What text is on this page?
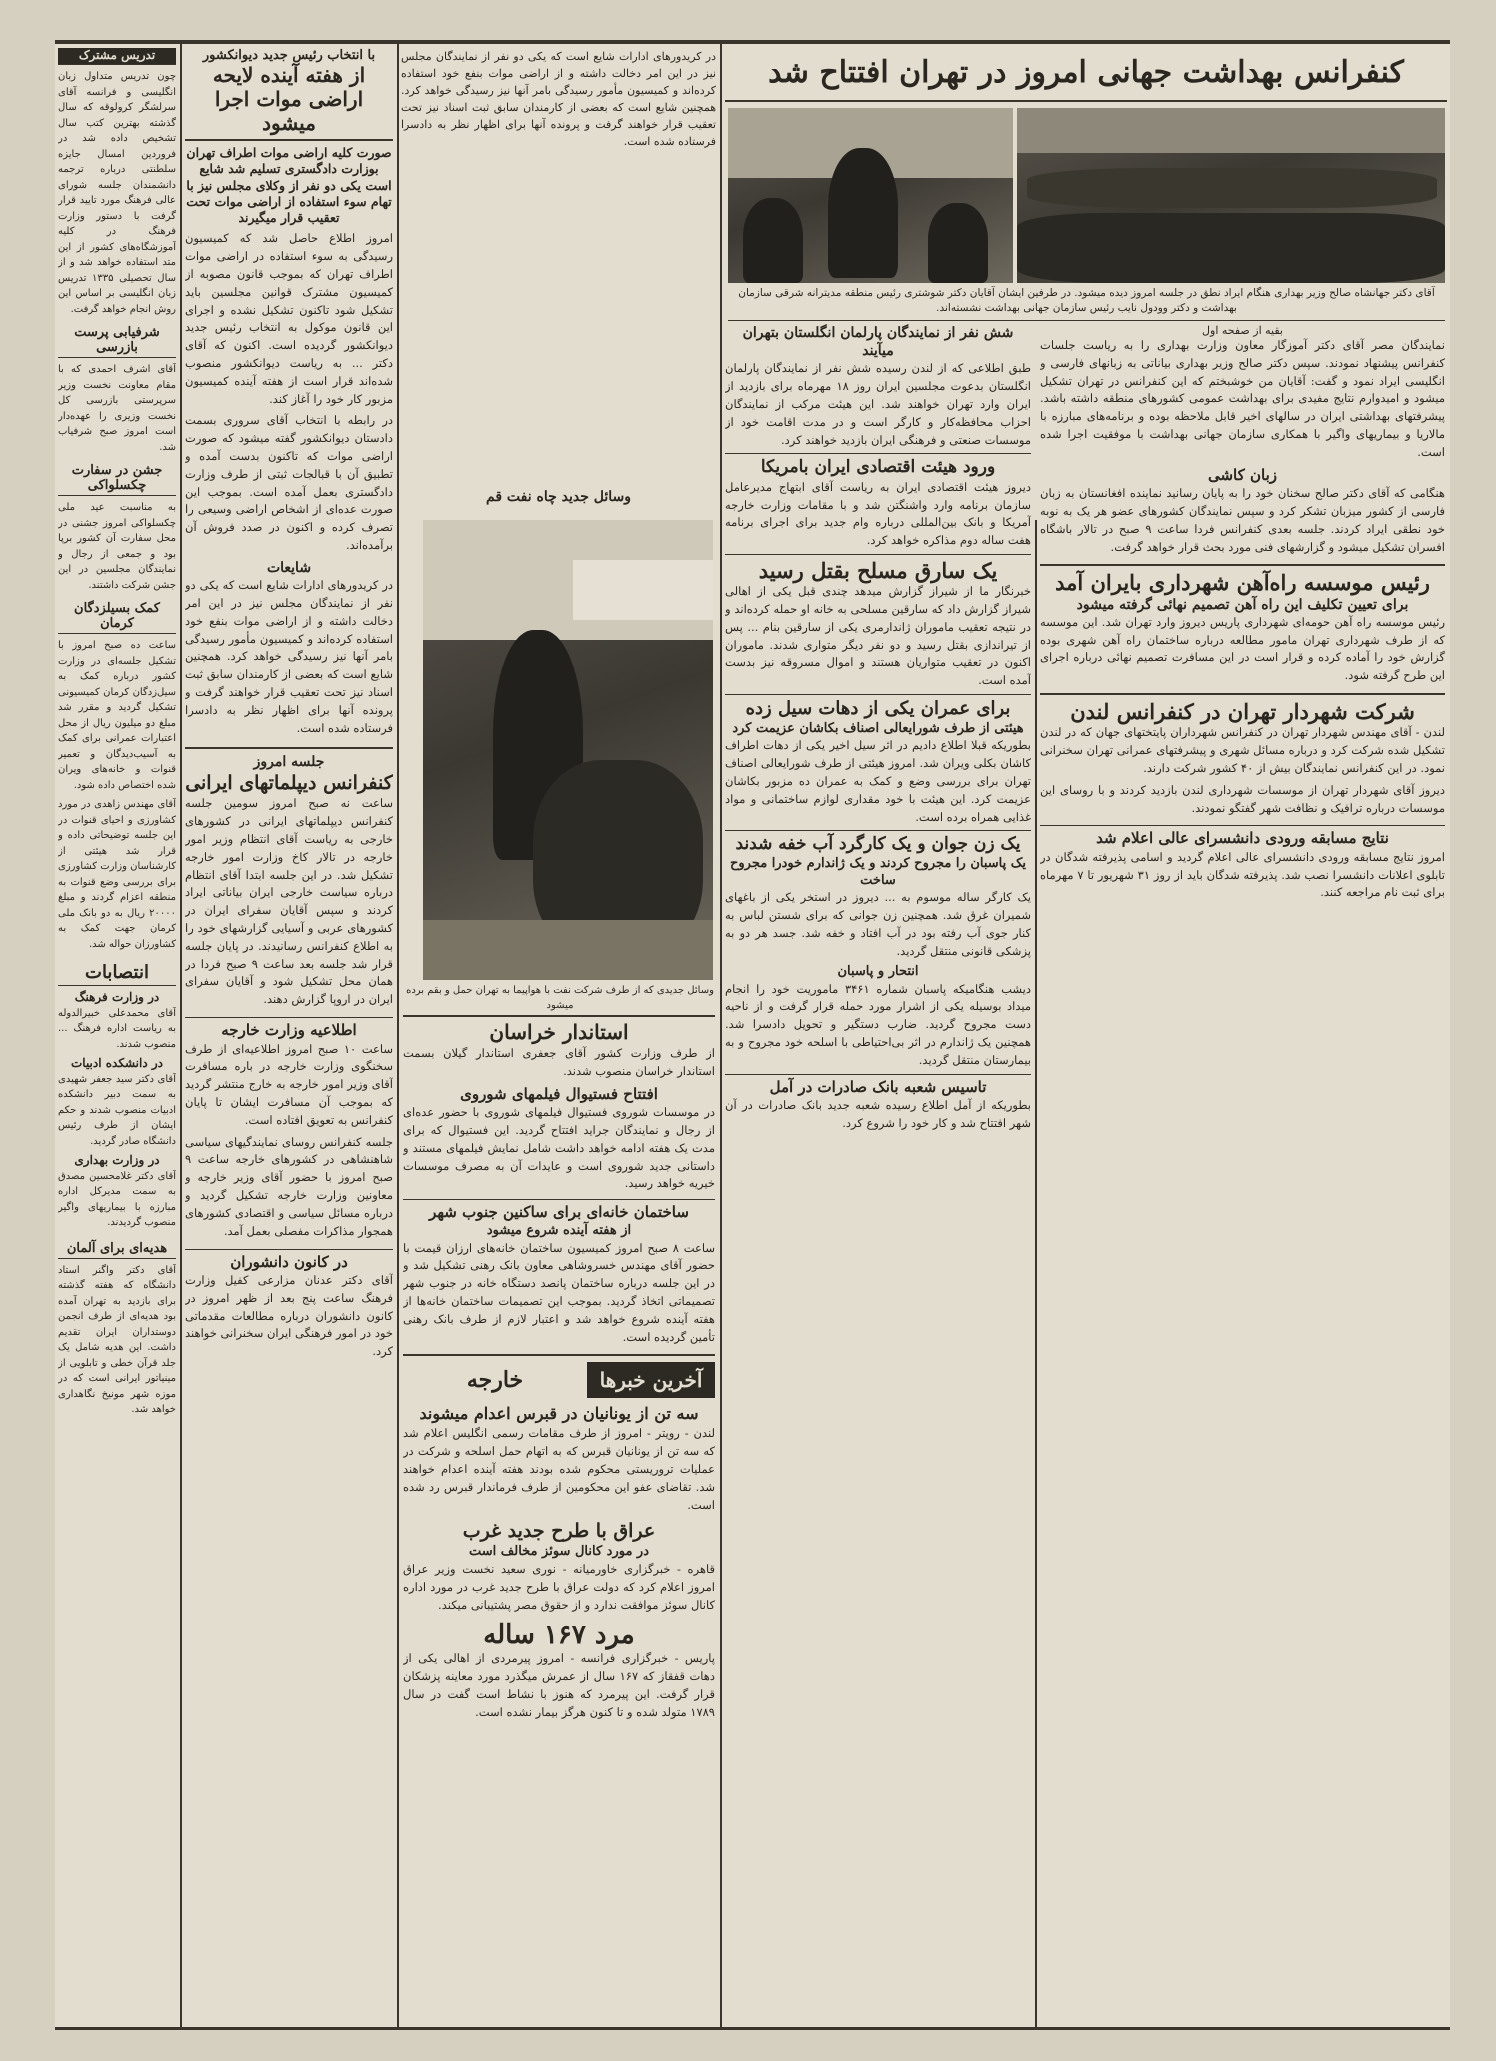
تدریس مشترک
چون تدریس متداول زبان انگلیسی و فرانسه آقای سرلشگر کرولوقه که سال گذشته بهترین کتب سال تشخیص داده شد در فروردین امسال جایزه سلطنتی درباره ترجمه دانشمندان جلسه شورای عالی فرهنگ مورد تایید قرار گرفت با دستور وزارت فرهنگ در کلیه آموزشگاه‌های کشور از این متد استفاده خواهد شد و از سال تحصیلی ۱۳۳۵ تدریس زبان انگلیسی بر اساس این روش انجام خواهد گرفت.
شرفیابی پرست بازرسی
آقای اشرف احمدی که با مقام معاونت نخست وزیر سرپرستی بازرسی کل نخست وزیری را عهده‌دار است امروز صبح شرفیاب شد.
جشن در سفارت چکسلواکی
به مناسبت عید ملی چکسلواکی امروز جشنی در محل سفارت آن کشور برپا بود و جمعی از رجال و نمایندگان مجلسین در این جشن شرکت داشتند.
کمک بسیلزدگان کرمان
ساعت ده صبح امروز با تشکیل جلسه‌ای در وزارت کشور درباره کمک به سیل‌زدگان کرمان کمیسیونی تشکیل گردید و مقرر شد مبلغ دو میلیون ریال از محل اعتبارات عمرانی برای کمک به آسیب‌دیدگان و تعمیر قنوات و خانه‌های ویران شده اختصاص داده شود.
آقای مهندس زاهدی در مورد کشاورزی و احیای قنوات در این جلسه توضیحاتی داده و قرار شد هیئتی از کارشناسان وزارت کشاورزی برای بررسی وضع قنوات به منطقه اعزام گردند و مبلغ ۲۰۰۰۰ ریال به دو بانک ملی کرمان جهت کمک به کشاورزان حواله شد.
انتصابات
در وزارت فرهنگ
آقای محمدعلی خبیرالدوله به ریاست اداره فرهنگ ... منصوب شدند.
در دانشکده ادبیات
آقای دکتر سید جعفر شهیدی به سمت دبیر دانشکده ادبیات منصوب شدند و حکم ایشان از طرف رئیس دانشگاه صادر گردید.
در وزارت بهداری
آقای دکتر غلامحسین مصدق به سمت مدیرکل اداره مبارزه با بیماریهای واگیر منصوب گردیدند.
هدیه‌ای برای آلمان
آقای دکتر واگنر استاد دانشگاه که هفته گذشته برای بازدید به تهران آمده بود هدیه‌ای از طرف انجمن دوستداران ایران تقدیم داشت. این هدیه شامل یک جلد قرآن خطی و تابلویی از مینیاتور ایرانی است که در موزه شهر مونیخ نگاهداری خواهد شد.
با انتخاب رئیس جدید دیوانکشور
از هفته آینده لایحه اراضی موات اجرا میشود
صورت کلیه اراضی موات اطراف تهران بوزارت دادگستری تسلیم شد شایع است یکی دو نفر از وکلای مجلس نیز با تهام سوء استفاده از اراضی موات تحت تعقیب قرار میگیرند
امروز اطلاع حاصل شد که کمیسیون رسیدگی به سوء استفاده در اراضی موات اطراف تهران که بموجب قانون مصوبه از کمیسیون مشترک قوانین مجلسین باید تشکیل شود تاکنون تشکیل نشده و اجرای این قانون موکول به انتخاب رئیس جدید دیوانکشور گردیده است. اکنون که آقای دکتر ... به ریاست دیوانکشور منصوب شده‌اند قرار است از هفته آینده کمیسیون مزبور کار خود را آغاز کند.
در رابطه با انتخاب آقای سروری بسمت دادستان دیوانکشور گفته میشود که صورت اراضی موات که تاکنون بدست آمده و تطبیق آن با قبالجات ثبتی از طرف وزارت دادگستری بعمل آمده است. بموجب این صورت عده‌ای از اشخاص اراضی وسیعی را تصرف کرده و اکنون در صدد فروش آن برآمده‌اند.
شایعات
در کریدورهای ادارات شایع است که یکی دو نفر از نمایندگان مجلس نیز در این امر دخالت داشته و از اراضی موات بنفع خود استفاده کرده‌اند و کمیسیون مأمور رسیدگی بامر آنها نیز رسیدگی خواهد کرد. همچنین شایع است که بعضی از کارمندان سابق ثبت اسناد نیز تحت تعقیب قرار خواهند گرفت و پرونده آنها برای اظهار نظر به دادسرا فرستاده شده است.
جلسه امروز
کنفرانس دیپلماتهای ایرانی
ساعت نه صبح امروز سومین جلسه کنفرانس دیپلماتهای ایرانی در کشورهای خارجی به ریاست آقای انتظام وزیر امور خارجه در تالار کاخ وزارت امور خارجه تشکیل شد. در این جلسه ابتدا آقای انتظام درباره سیاست خارجی ایران بیاناتی ایراد کردند و سپس آقایان سفرای ایران در کشورهای عربی و آسیایی گزارشهای خود را به اطلاع کنفرانس رسانیدند. در پایان جلسه قرار شد جلسه بعد ساعت ۹ صبح فردا در همان محل تشکیل شود و آقایان سفرای ایران در اروپا گزارش دهند.
اطلاعیه وزارت خارجه
ساعت ۱۰ صبح امروز اطلاعیه‌ای از طرف سخنگوی وزارت خارجه در باره مسافرت آقای وزیر امور خارجه به خارج منتشر گردید که بموجب آن مسافرت ایشان تا پایان کنفرانس به تعویق افتاده است.
جلسه کنفرانس روسای نمایندگیهای سیاسی شاهنشاهی در کشورهای خارجه ساعت ۹ صبح امروز با حضور آقای وزیر خارجه و معاونین وزارت خارجه تشکیل گردید و درباره مسائل سیاسی و اقتصادی کشورهای همجوار مذاکرات مفصلی بعمل آمد.
در کانون دانشوران
آقای دکتر عدنان مزارعی کفیل وزارت فرهنگ ساعت پنج بعد از ظهر امروز در کانون دانشوران درباره مطالعات مقدماتی خود در امور فرهنگی ایران سخنرانی خواهند کرد.
وسائل جدید چاه نفت قم
وسائل جدیدی که از طرف شرکت نفت با هواپیما به تهران حمل و بقم برده میشود
استاندار خراسان
از طرف وزارت کشور آقای جعفری استاندار گیلان بسمت استاندار خراسان منصوب شدند.
افتتاح فستیوال فیلمهای شوروی
در موسسات شوروی فستیوال فیلمهای شوروی با حضور عده‌ای از رجال و نمایندگان جراید افتتاح گردید. این فستیوال که برای مدت یک هفته ادامه خواهد داشت شامل نمایش فیلمهای مستند و داستانی جدید شوروی است و عایدات آن به مصرف موسسات خیریه خواهد رسید.
ساختمان خانه‌ای برای ساکنین جنوب شهر
از هفته آینده شروع میشود
ساعت ۸ صبح امروز کمیسیون ساختمان خانه‌های ارزان قیمت با حضور آقای مهندس خسروشاهی معاون بانک رهنی تشکیل شد و در این جلسه درباره ساختمان پانصد دستگاه خانه در جنوب شهر تصمیماتی اتخاذ گردید. بموجب این تصمیمات ساختمان خانه‌ها از هفته آینده شروع خواهد شد و اعتبار لازم از طرف بانک رهنی تأمین گردیده است.
آخرین خبرها
خارجه
سه تن از یونانیان در قبرس اعدام میشوند
لندن - رویتر - امروز از طرف مقامات رسمی انگلیس اعلام شد که سه تن از یونانیان قبرس که به اتهام حمل اسلحه و شرکت در عملیات تروریستی محکوم شده بودند هفته آینده اعدام خواهند شد. تقاضای عفو این محکومین از طرف فرماندار قبرس رد شده است.
عراق با طرح جدید غرب
در مورد کانال سوئز مخالف است
قاهره - خبرگزاری خاورمیانه - نوری سعید نخست وزیر عراق امروز اعلام کرد که دولت عراق با طرح جدید غرب در مورد اداره کانال سوئز موافقت ندارد و از حقوق مصر پشتیبانی میکند.
مرد ۱۶۷ ساله
پاریس - خبرگزاری فرانسه - امروز پیرمردی از اهالی یکی از دهات قفقاز که ۱۶۷ سال از عمرش میگذرد مورد معاینه پزشکان قرار گرفت. این پیرمرد که هنوز با نشاط است گفت در سال ۱۷۸۹ متولد شده و تا کنون هرگز بیمار نشده است.
در کریدورهای ادارات شایع است که یکی دو نفر از نمایندگان مجلس نیز در این امر دخالت داشته و از اراضی موات بنفع خود استفاده کرده‌اند و کمیسیون مأمور رسیدگی بامر آنها نیز رسیدگی خواهد کرد. همچنین شایع است که بعضی از کارمندان سابق ثبت اسناد نیز تحت تعقیب قرار خواهند گرفت و پرونده آنها برای اظهار نظر به دادسرا فرستاده شده است.
کنفرانس بهداشت جهانی امروز در تهران افتتاح شد
آقای دکتر جهانشاه صالح وزیر بهداری هنگام ایراد نطق در جلسه امروز دیده میشود. در طرفین ایشان آقایان دکتر شوشتری رئیس منطقه مدیترانه شرقی سازمان بهداشت و دکتر وودول نایب رئیس سازمان جهانی بهداشت نشسته‌اند.
شش نفر از نمایندگان پارلمان انگلستان بتهران میآیند
طبق اطلاعی که از لندن رسیده شش نفر از نمایندگان پارلمان انگلستان بدعوت مجلسین ایران روز ۱۸ مهرماه برای بازدید از ایران وارد تهران خواهند شد. این هیئت مرکب از نمایندگان احزاب محافظه‌کار و کارگر است و در مدت اقامت خود از موسسات صنعتی و فرهنگی ایران بازدید خواهند کرد.
ورود هیئت اقتصادی ایران بامریکا
دیروز هیئت اقتصادی ایران به ریاست آقای ابتهاج مدیرعامل سازمان برنامه وارد واشنگتن شد و با مقامات وزارت خارجه آمریکا و بانک بین‌المللی درباره وام جدید برای اجرای برنامه هفت ساله دوم مذاکره خواهد کرد.
یک سارق مسلح بقتل رسید
خبرنگار ما از شیراز گزارش میدهد چندی قبل یکی از اهالی شیراز گزارش داد که سارقین مسلحی به خانه او حمله کرده‌اند و در نتیجه تعقیب ماموران ژاندارمری یکی از سارقین بنام ... پس از تیراندازی بقتل رسید و دو نفر دیگر متواری شدند. ماموران اکنون در تعقیب متواریان هستند و اموال مسروقه نیز بدست آمده است.
برای عمران یکی از دهات سیل زده
هیئتی از طرف شورایعالی اصناف بکاشان عزیمت کرد
بطوریکه قبلا اطلاع دادیم در اثر سیل اخیر یکی از دهات اطراف کاشان بکلی ویران شد. امروز هیئتی از طرف شورایعالی اصناف تهران برای بررسی وضع و کمک به عمران ده مزبور بکاشان عزیمت کرد. این هیئت با خود مقداری لوازم ساختمانی و مواد غذایی همراه برده است.
یک زن جوان و یک کارگرد آب خفه شدند
یک پاسبان را مجروح کردند و یک ژاندارم خودرا مجروح ساخت
یک کارگر ساله موسوم به ... دیروز در استخر یکی از باغهای شمیران غرق شد. همچنین زن جوانی که برای شستن لباس به کنار جوی آب رفته بود در آب افتاد و خفه شد. جسد هر دو به پزشکی قانونی منتقل گردید.
انتحار و پاسبان
دیشب هنگامیکه پاسبان شماره ۳۴۶۱ ماموریت خود را انجام میداد بوسیله یکی از اشرار مورد حمله قرار گرفت و از ناحیه دست مجروح گردید. ضارب دستگیر و تحویل دادسرا شد. همچنین یک ژاندارم در اثر بی‌احتیاطی با اسلحه خود مجروح و به بیمارستان منتقل گردید.
تاسیس شعبه بانک صادرات در آمل
بطوریکه از آمل اطلاع رسیده شعبه جدید بانک صادرات در آن شهر افتتاح شد و کار خود را شروع کرد.
بقیه از صفحه اول
نمایندگان مصر آقای دکتر آموزگار معاون وزارت بهداری را به ریاست جلسات کنفرانس پیشنهاد نمودند. سپس دکتر صالح وزیر بهداری بیاناتی به زبانهای فارسی و انگلیسی ایراد نمود و گفت: آقایان من خوشبختم که این کنفرانس در تهران تشکیل میشود و امیدوارم نتایج مفیدی برای بهداشت عمومی کشورهای منطقه داشته باشد. پیشرفتهای بهداشتی ایران در سالهای اخیر قابل ملاحظه بوده و برنامه‌های مبارزه با مالاریا و بیماریهای واگیر با همکاری سازمان جهانی بهداشت با موفقیت اجرا شده است.
زبان کاشی
هنگامی که آقای دکتر صالح سخنان خود را به پایان رسانید نماینده افغانستان به زبان فارسی از کشور میزبان تشکر کرد و سپس نمایندگان کشورهای عضو هر یک به نوبه خود نطقی ایراد کردند. جلسه بعدی کنفرانس فردا ساعت ۹ صبح در تالار باشگاه افسران تشکیل میشود و گزارشهای فنی مورد بحث قرار خواهد گرفت.
رئیس موسسه راه‌آهن شهرداری بایران آمد
برای تعیین تکلیف این راه آهن تصمیم نهائی گرفته میشود
رئیس موسسه راه آهن حومه‌ای شهرداری پاریس دیروز وارد تهران شد. این موسسه که از طرف شهرداری تهران مامور مطالعه درباره ساختمان راه آهن شهری بوده گزارش خود را آماده کرده و قرار است در این مسافرت تصمیم نهائی درباره اجرای این طرح گرفته شود.
شرکت شهردار تهران در کنفرانس لندن
لندن - آقای مهندس شهردار تهران در کنفرانس شهرداران پایتختهای جهان که در لندن تشکیل شده شرکت کرد و درباره مسائل شهری و پیشرفتهای عمرانی تهران سخنرانی نمود. در این کنفرانس نمایندگان بیش از ۴۰ کشور شرکت دارند.
دیروز آقای شهردار تهران از موسسات شهرداری لندن بازدید کردند و با روسای این موسسات درباره ترافیک و نظافت شهر گفتگو نمودند.
نتایج مسابقه ورودی دانشسرای عالی اعلام شد
امروز نتایج مسابقه ورودی دانشسرای عالی اعلام گردید و اسامی پذیرفته شدگان در تابلوی اعلانات دانشسرا نصب شد. پذیرفته شدگان باید از روز ۳۱ شهریور تا ۷ مهرماه برای ثبت نام مراجعه کنند.
